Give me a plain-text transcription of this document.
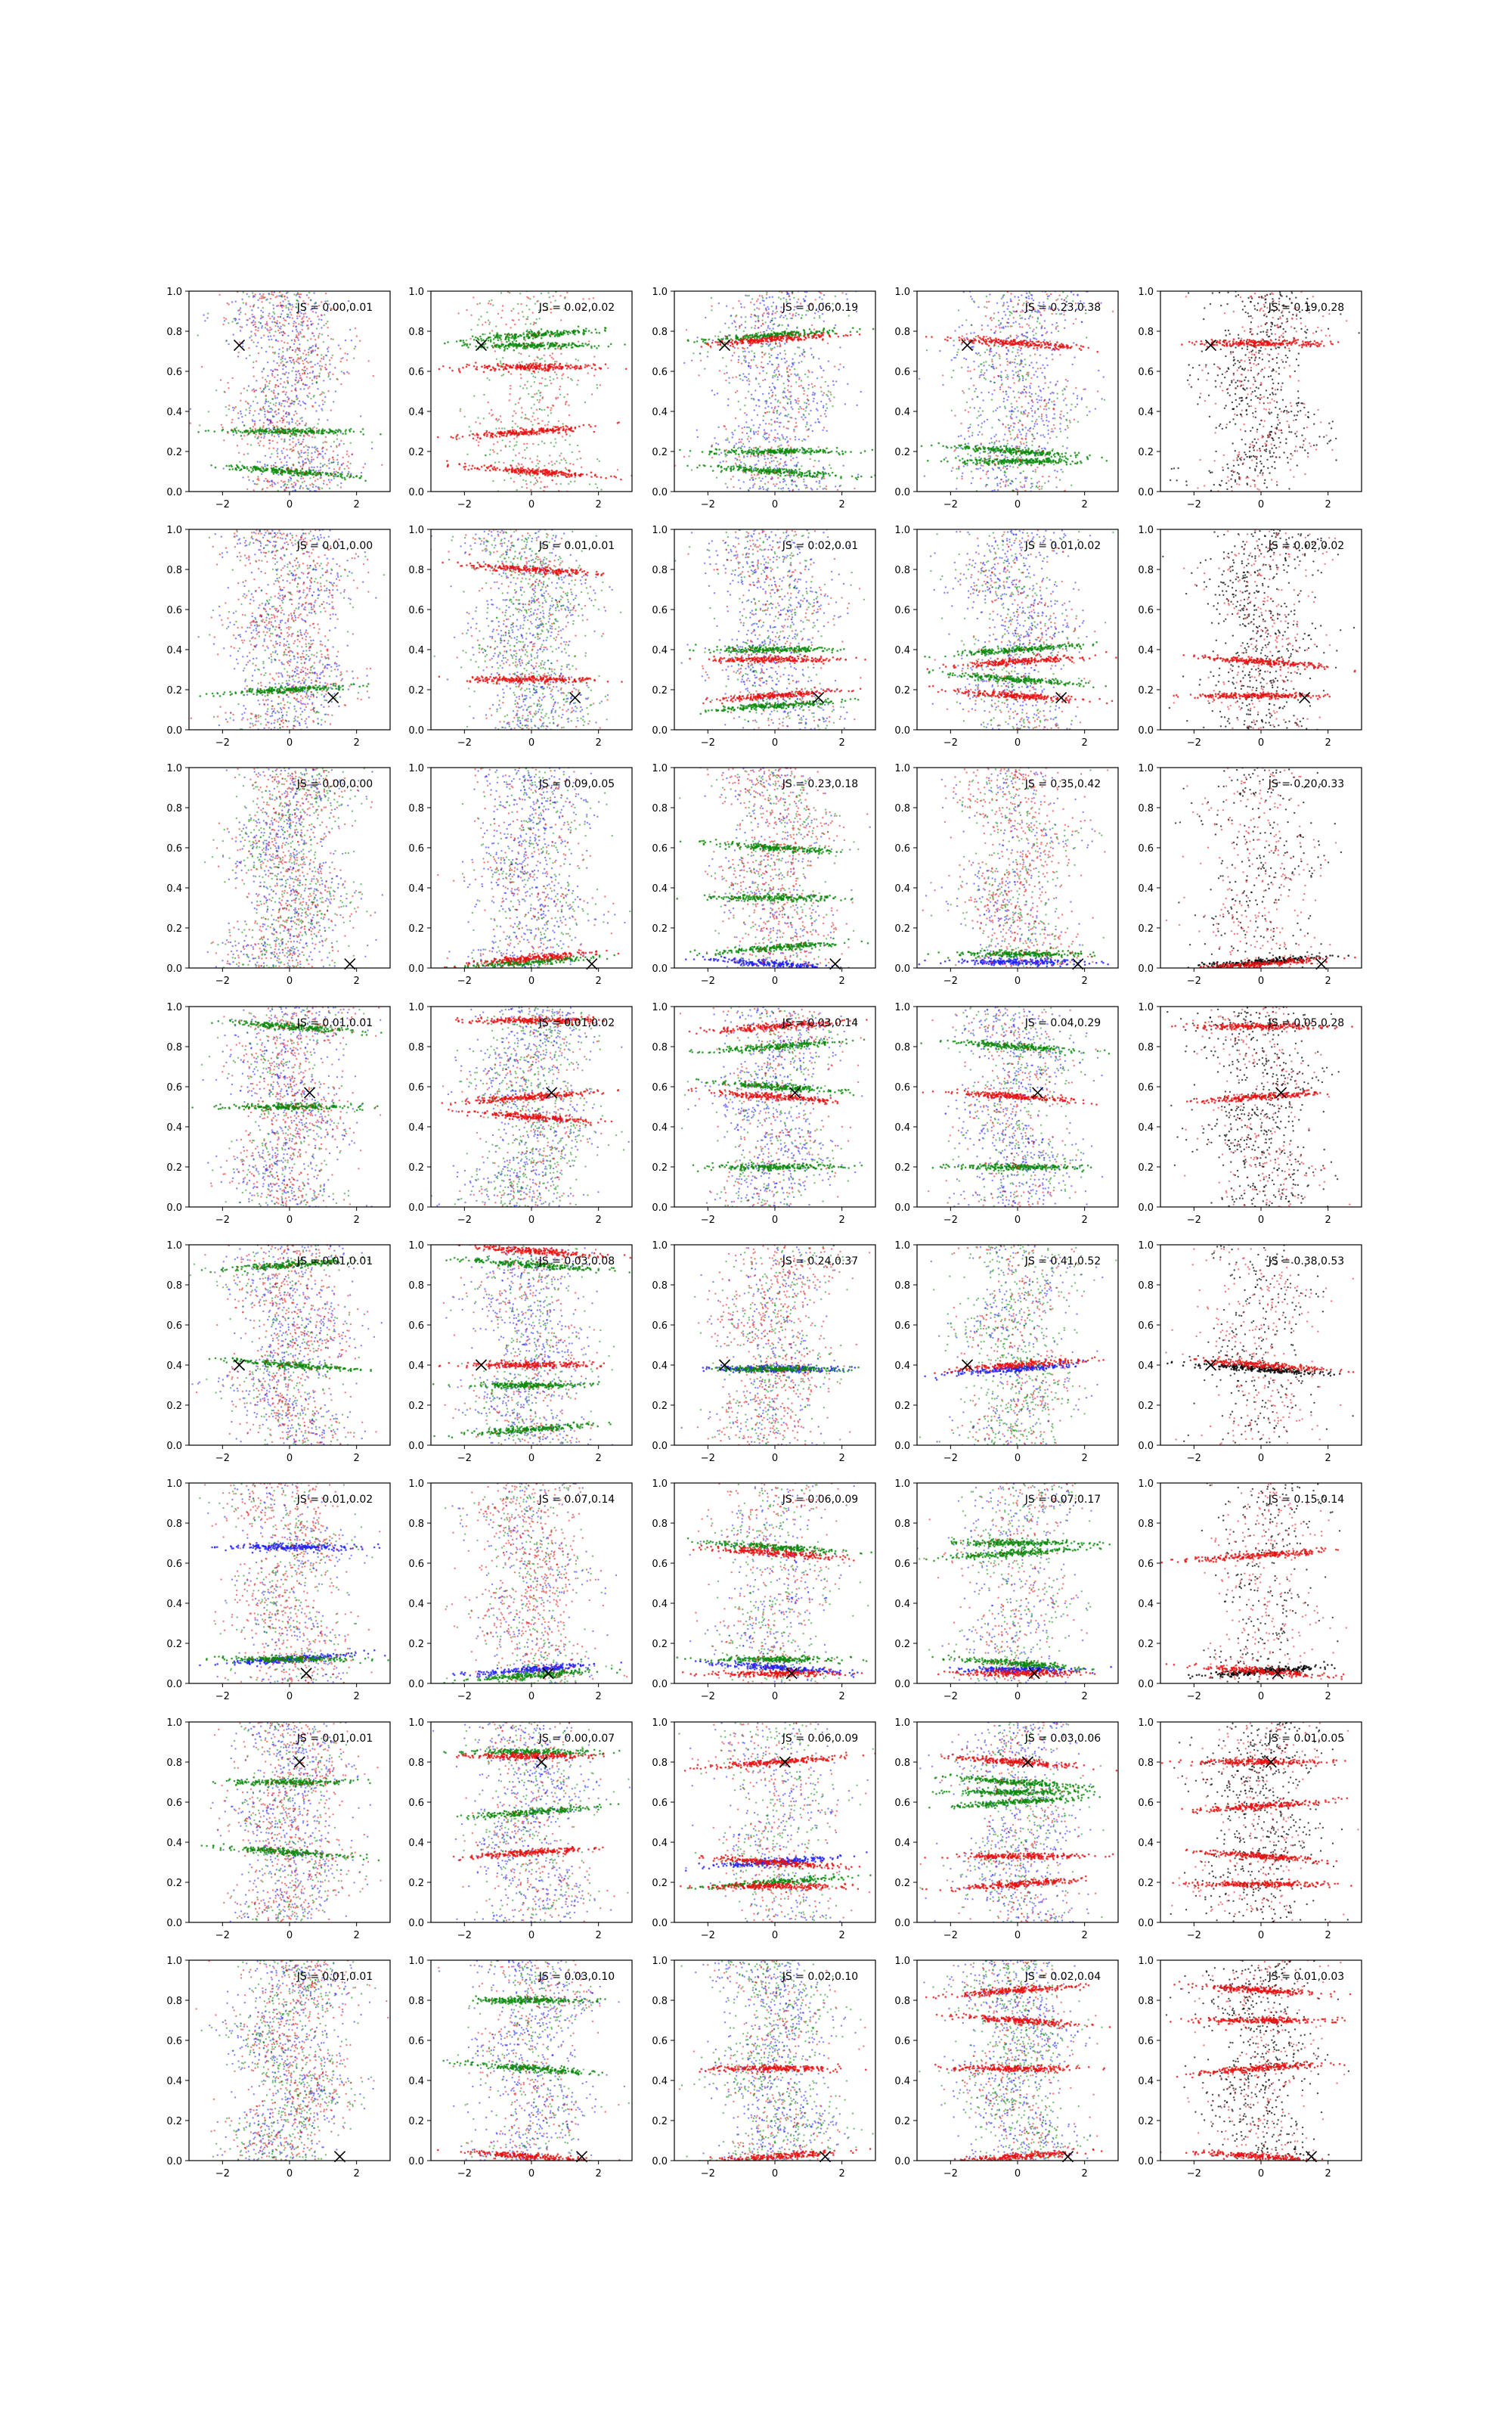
0.0
0.2
0.4
0.6
0.8
1.0
−2	0	2
JS = 0.00,0.01
0.0
0.2
0.4
0.6
0.8
1.0
−2	0	2
JS = 0.02,0.02
0.0
0.2
0.4
0.6
0.8
1.0
−2	0	2
JS = 0.06,0.19
0.0
0.2
0.4
0.6
0.8
1.0
−2	0	2
JS = 0.23,0.38
0.0
0.2
0.4
0.6
0.8
1.0
−2	0	2
JS = 0.19,0.28
0.0
0.2
0.4
0.6
0.8
1.0
−2	0	2
JS = 0.01,0.00
0.0
0.2
0.4
0.6
0.8
1.0
−2	0	2
JS = 0.01,0.01
0.0
0.2
0.4
0.6
0.8
1.0
−2	0	2
JS = 0.02,0.01
0.0
0.2
0.4
0.6
0.8
1.0
−2	0	2
JS = 0.01,0.02
0.0
0.2
0.4
0.6
0.8
1.0
−2	0	2
JS = 0.02,0.02
0.0
0.2
0.4
0.6
0.8
1.0
−2	0	2
JS = 0.00,0.00
0.0
0.2
0.4
0.6
0.8
1.0
−2	0	2
JS = 0.09,0.05
0.0
0.2
0.4
0.6
0.8
1.0
−2	0	2
JS = 0.23,0.18
0.0
0.2
0.4
0.6
0.8
1.0
−2	0	2
JS = 0.35,0.42
0.0
0.2
0.4
0.6
0.8
1.0
−2	0	2
JS = 0.20,0.33
0.0
0.2
0.4
0.6
0.8
1.0
−2	0	2
JS = 0.01,0.01
0.0
0.2
0.4
0.6
0.8
1.0
−2	0	2
JS = 0.01,0.02
0.0
0.2
0.4
0.6
0.8
1.0
−2	0	2
JS = 0.03,0.14
0.0
0.2
0.4
0.6
0.8
1.0
−2	0	2
JS = 0.04,0.29
0.0
0.2
0.4
0.6
0.8
1.0
−2	0	2
JS = 0.05,0.28
0.0
0.2
0.4
0.6
0.8
1.0
−2	0	2
JS = 0.01,0.01
0.0
0.2
0.4
0.6
0.8
1.0
−2	0	2
JS = 0.03,0.08
0.0
0.2
0.4
0.6
0.8
1.0
−2	0	2
JS = 0.24,0.37
0.0
0.2
0.4
0.6
0.8
1.0
−2	0	2
JS = 0.41,0.52
0.0
0.2
0.4
0.6
0.8
1.0
−2	0	2
JS = 0.38,0.53
0.0
0.2
0.4
0.6
0.8
1.0
−2	0	2
JS = 0.01,0.02
0.0
0.2
0.4
0.6
0.8
1.0
−2	0	2
JS = 0.07,0.14
0.0
0.2
0.4
0.6
0.8
1.0
−2	0	2
JS = 0.06,0.09
0.0
0.2
0.4
0.6
0.8
1.0
−2	0	2
JS = 0.07,0.17
0.0
0.2
0.4
0.6
0.8
1.0
−2	0	2
JS = 0.15,0.14
0.0
0.2
0.4
0.6
0.8
1.0
−2	0	2
JS = 0.01,0.01
0.0
0.2
0.4
0.6
0.8
1.0
−2	0	2
JS = 0.00,0.07
0.0
0.2
0.4
0.6
0.8
1.0
−2	0	2
JS = 0.06,0.09
0.0
0.2
0.4
0.6
0.8
1.0
−2	0	2
JS = 0.03,0.06
0.0
0.2
0.4
0.6
0.8
1.0
−2	0	2
JS = 0.01,0.05
0.0
0.2
0.4
0.6
0.8
1.0
−2	0	2
JS = 0.01,0.01
0.0
0.2
0.4
0.6
0.8
1.0
−2	0	2
JS = 0.03,0.10
0.0
0.2
0.4
0.6
0.8
1.0
−2	0	2
JS = 0.02,0.10
0.0
0.2
0.4
0.6
0.8
1.0
−2	0	2
JS = 0.02,0.04
0.0
0.2
0.4
0.6
0.8
1.0
−2	0	2
JS = 0.01,0.03
